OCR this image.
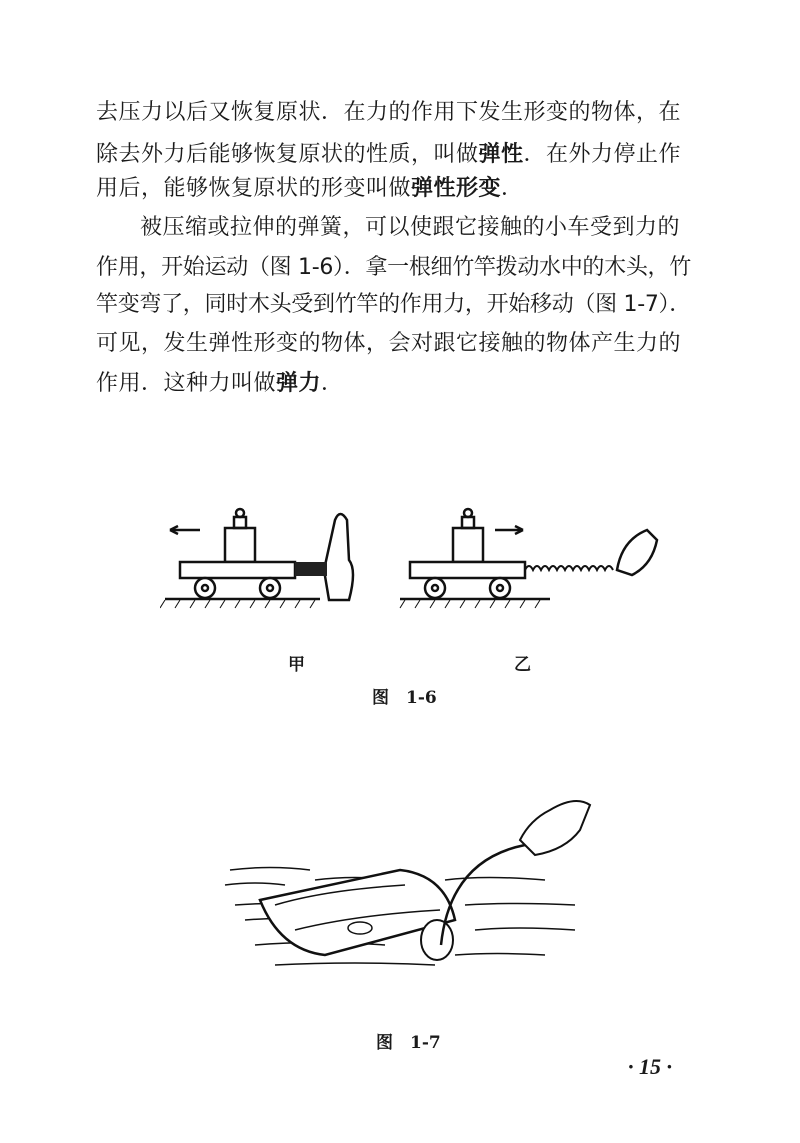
去压力以后又恢复原状．在力的作用下发生形变的物体，在
除去外力后能够恢复原状的性质，叫做弹性．在外力停止作
用后，能够恢复原状的形变叫做弹性形变．
被压缩或拉伸的弹簧，可以使跟它接触的小车受到力的
作用，开始运动（图 1-6）．拿一根细竹竿拨动水中的木头，竹
竿变弯了，同时木头受到竹竿的作用力，开始移动（图 1-7）．
可见，发生弹性形变的物体，会对跟它接触的物体产生力的
作用．这种力叫做弹力．
甲	乙
图　1-6
图　1-7
· 15 ·
